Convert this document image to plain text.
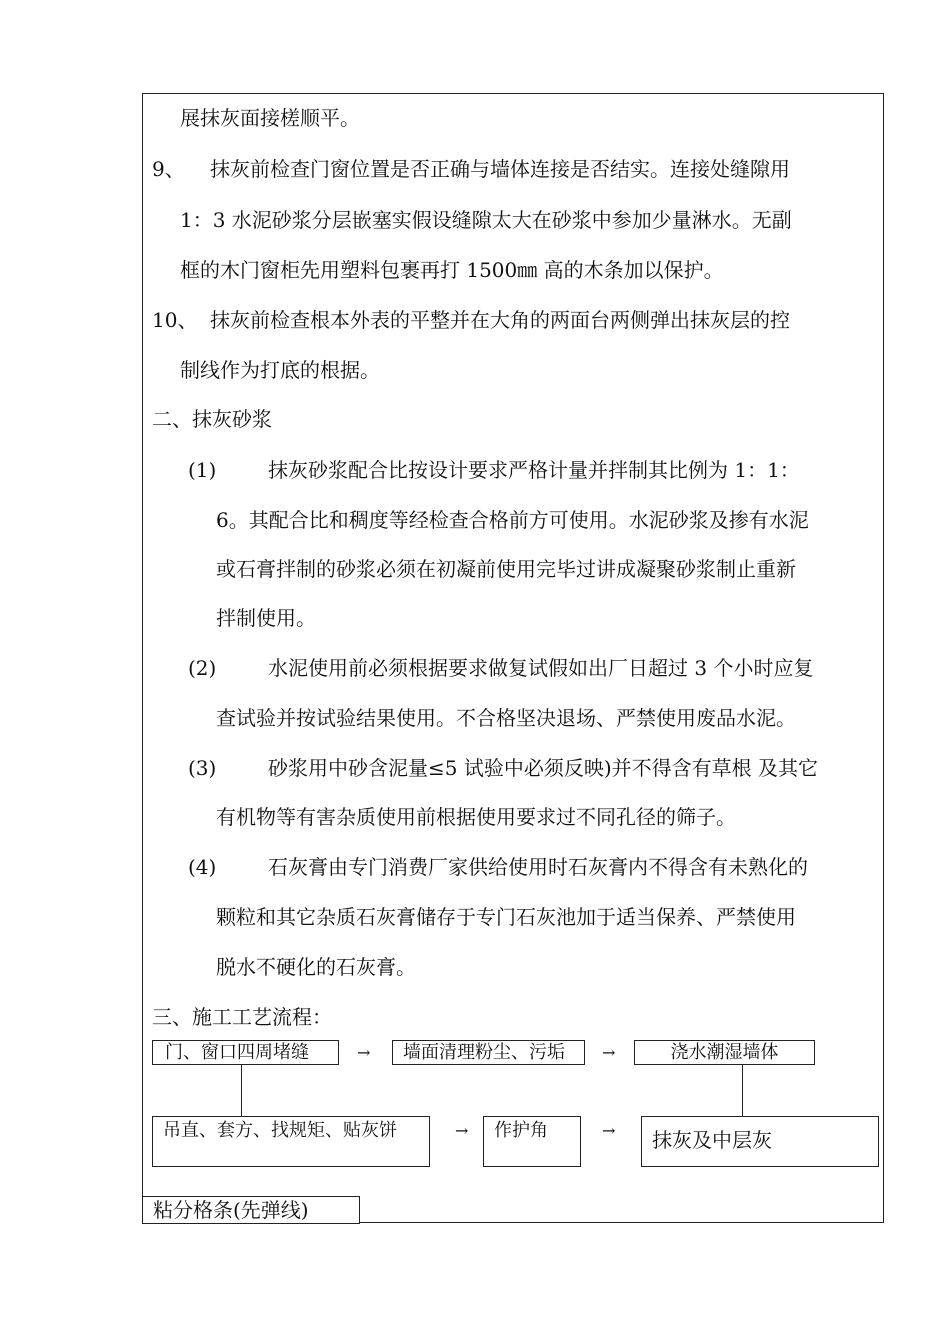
展抹灰面接槎顺平。
9、 抹灰前检查门窗位置是否正确与墙体连接是否结实。连接处缝隙用
1：3 水泥砂浆分层嵌塞实假设缝隙太大在砂浆中参加少量淋水。无副
框的木门窗柜先用塑料包裹再打 1500㎜ 高的木条加以保护。
10、 抹灰前检查根本外表的平整并在大角的两面台两侧弹出抹灰层的控
制线作为打底的根据。
二、抹灰砂浆
(1)	抹灰砂浆配合比按设计要求严格计量并拌制其比例为 1：1：
6。其配合比和稠度等经检查合格前方可使用。水泥砂浆及掺有水泥
或石膏拌制的砂浆必须在初凝前使用完毕过讲成凝聚砂浆制止重新
拌制使用。
(2)	水泥使用前必须根据要求做复试假如出厂日超过 3 个小时应复
查试验并按试验结果使用。不合格坚决退场、严禁使用废品水泥。
(3)	砂浆用中砂含泥量≤5 试验中必须反映)并不得含有草根 及其它
有机物等有害杂质使用前根据使用要求过不同孔径的筛子。
(4)	石灰膏由专门消费厂家供给使用时石灰膏内不得含有未熟化的
颗粒和其它杂质石灰膏储存于专门石灰池加于适当保养、严禁使用
脱水不硬化的石灰膏。
三、施工工艺流程：
门、窗口四周堵缝	→	墙面清理粉尘、污垢	→	浇水潮湿墙体
吊直、套方、找规矩、贴灰饼	→	作护角	→	抹灰及中层灰
粘分格条(先弹线)
